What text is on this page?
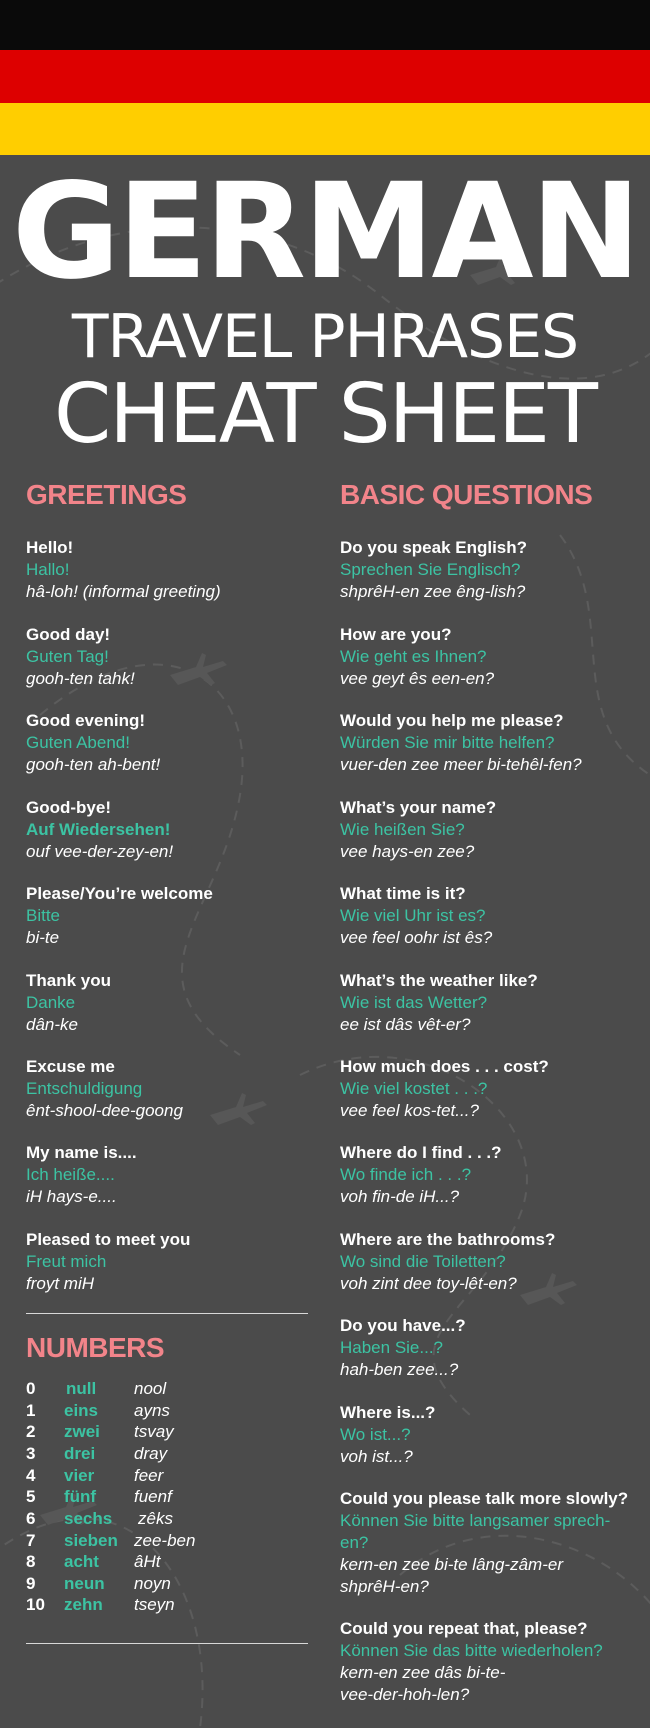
GERMAN
TRAVEL PHRASES
CHEAT SHEET
GREETINGS
Hello!
Hallo!
hâ-loh! (informal greeting)
Good day!
Guten Tag!
gooh-ten tahk!
Good evening!
Guten Abend!
gooh-ten ah-bent!
Good-bye!
Auf Wiedersehen!
ouf vee-der-zey-en!
Please/You’re welcome
Bitte
bi-te
Thank you
Danke
dân-ke
Excuse me
Entschuldigung
ênt-shool-dee-goong
My name is....
Ich heiße....
iH hays-e....
Pleased to meet you
Freut mich
froyt miH
NUMBERS
0 null nool
1 eins ayns
2 zwei tsvay
3 drei dray
4 vier feer
5 fünf fuenf
6 sechs zêks
7 sieben zee-ben
8 acht âHt
9 neun noyn
10 zehn tseyn
BASIC QUESTIONS
Do you speak English?
Sprechen Sie Englisch?
shprêH-en zee êng-lish?
How are you?
Wie geht es Ihnen?
vee geyt ês een-en?
Would you help me please?
Würden Sie mir bitte helfen?
vuer-den zee meer bi-tehêl-fen?
What’s your name?
Wie heißen Sie?
vee hays-en zee?
What time is it?
Wie viel Uhr ist es?
vee feel oohr ist ês?
What’s the weather like?
Wie ist das Wetter?
ee ist dâs vêt-er?
How much does . . . cost?
Wie viel kostet . . .?
vee feel kos-tet...?
Where do I find . . .?
Wo finde ich . . .?
voh fin-de iH...?
Where are the bathrooms?
Wo sind die Toiletten?
voh zint dee toy-lêt-en?
Do you have...?
Haben Sie...?
hah-ben zee...?
Where is...?
Wo ist...?
voh ist...?
Could you please talk more slowly?
Können Sie bitte langsamer sprech-
en?
kern-en zee bi-te lâng-zâm-er
shprêH-en?
Could you repeat that, please?
Können Sie das bitte wiederholen?
kern-en zee dâs bi-te-
vee-der-hoh-len?
